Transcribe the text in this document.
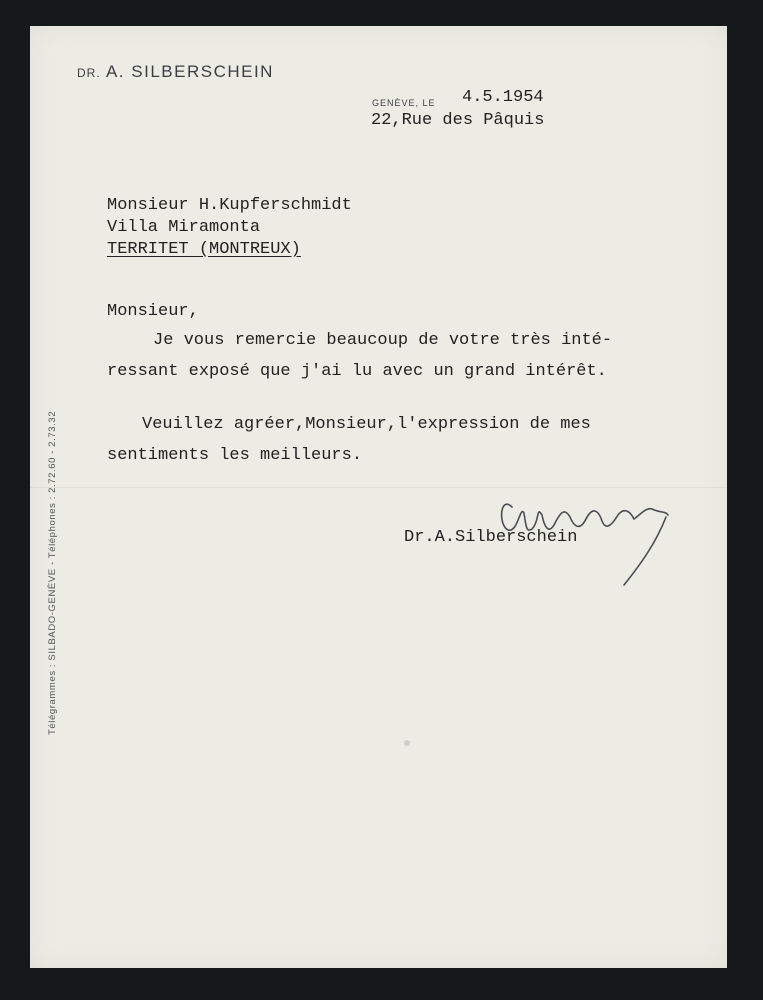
DR. A. SILBERSCHEIN
Télégrammes : SILBADO-GENÈVE - Téléphones : 2.72.60 - 2.73.32
GENÈVE, LE 4.5.1954
22,Rue des Pâquis
Monsieur H.Kupferschmidt
Villa Miramonta
TERRITET (MONTREUX)
Monsieur,
Je vous remercie beaucoup de votre très inté-
ressant exposé que j'ai lu avec un grand intérêt.
Veuillez agréer,Monsieur,l'expression de mes
sentiments les meilleurs.
Dr.A.Silberschein
